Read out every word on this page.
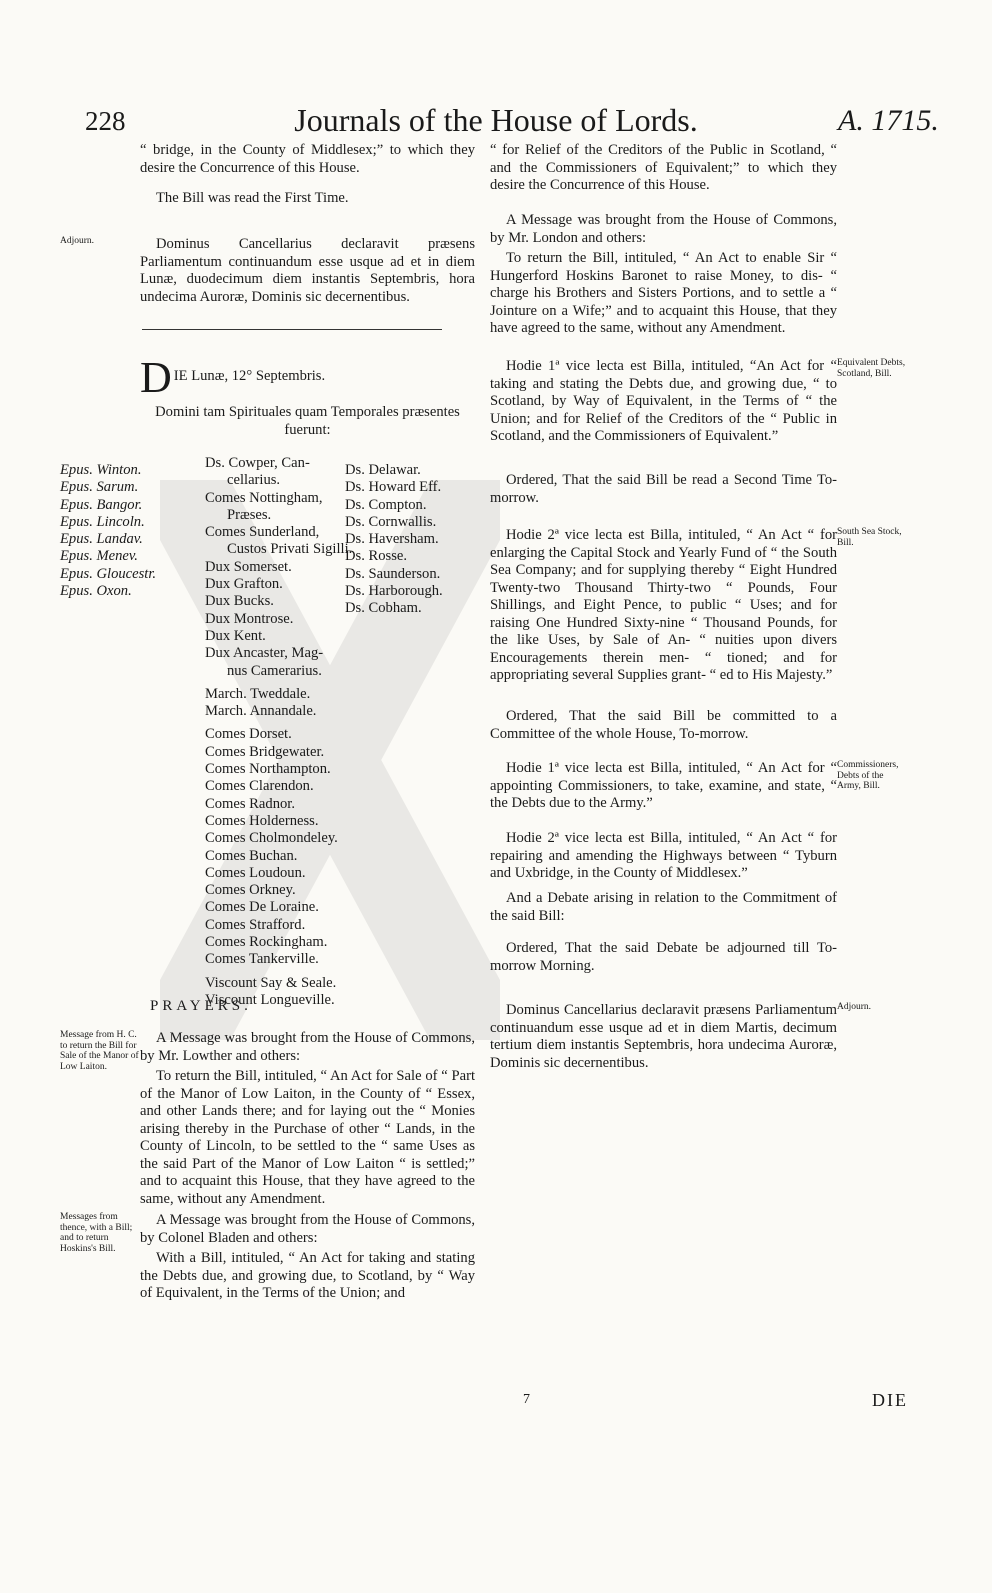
228	Journals of the House of Lords.	A. 1715.

“ bridge, in the County of Middlesex;” to which they desire the Concurrence of this House.

The Bill was read the First Time.
Adjourn.	Dominus Cancellarius declaravit præsens Parliamentum continuandum esse usque ad et in diem Lunæ, duodecimum diem instantis Septembris, hora undecima Auroræ, Dominis sic decernentibus.
D IE Lunæ, 12° Septembris.
Domini tam Spirituales quam Temporales præsentes
fuerunt:
Epus. Winton.
Epus. Sarum.
Epus. Bangor.
Epus. Lincoln.
Epus. Landav.
Epus. Menev.
Epus. Gloucestr.
Epus. Oxon.
Ds. Cowper, Can-
cellarius.
Comes Nottingham,
Præses.
Comes Sunderland,
Custos Privati Sigilli.
Dux Somerset.
Dux Grafton.
Dux Bucks.
Dux Montrose.
Dux Kent.
Dux Ancaster, Mag-
nus Camerarius.
March. Tweddale.
March. Annandale.
Comes Dorset.
Comes Bridgewater.
Comes Northampton.
Comes Clarendon.
Comes Radnor.
Comes Holderness.
Comes Cholmondeley.
Comes Buchan.
Comes Loudoun.
Comes Orkney.
Comes De Loraine.
Comes Strafford.
Comes Rockingham.
Comes Tankerville.
Viscount Say & Seale.
Viscount Longueville.
Ds. Delawar.
Ds. Howard Eff.
Ds. Compton.
Ds. Cornwallis.
Ds. Haversham.
Ds. Rosse.
Ds. Saunderson.
Ds. Harborough.
Ds. Cobham.
PRAYERS.
Message from H. C. to return the Bill for Sale of the Manor of Low Laiton.
A Message was brought from the House of Commons, by Mr. Lowther and others:
To return the Bill, intituled, “ An Act for Sale of “ Part of the Manor of Low Laiton, in the County of “ Essex, and other Lands there; and for laying out the “ Monies arising thereby in the Purchase of other “ Lands, in the County of Lincoln, to be settled to the “ same Uses as the said Part of the Manor of Low Laiton “ is settled;” and to acquaint this House, that they have agreed to the same, without any Amendment.
Messages from thence, with a Bill; and to return Hoskins's Bill.
A Message was brought from the House of Commons, by Colonel Bladen and others:
With a Bill, intituled, “ An Act for taking and stating the Debts due, and growing due, to Scotland, by “ Way of Equivalent, in the Terms of the Union; and
“ for Relief of the Creditors of the Public in Scotland, “ and the Commissioners of Equivalent;” to which they desire the Concurrence of this House.
A Message was brought from the House of Commons, by Mr. London and others:
To return the Bill, intituled, “ An Act to enable Sir “ Hungerford Hoskins Baronet to raise Money, to dis- “ charge his Brothers and Sisters Portions, and to settle a “ Jointure on a Wife;” and to acquaint this House, that they have agreed to the same, without any Amendment.
Equivalent Debts, Scotland, Bill.
Hodie 1ª vice lecta est Billa, intituled, “An Act for “ taking and stating the Debts due, and growing due, “ to Scotland, by Way of Equivalent, in the Terms of “ the Union; and for Relief of the Creditors of the “ Public in Scotland, and the Commissioners of Equivalent.”
Ordered, That the said Bill be read a Second Time To-morrow.
South Sea Stock, Bill.
Hodie 2ª vice lecta est Billa, intituled, “ An Act “ for enlarging the Capital Stock and Yearly Fund of “ the South Sea Company; and for supplying thereby “ Eight Hundred Twenty-two Thousand Thirty-two “ Pounds, Four Shillings, and Eight Pence, to public “ Uses; and for raising One Hundred Sixty-nine “ Thousand Pounds, for the like Uses, by Sale of An- “ nuities upon divers Encouragements therein men- “ tioned; and for appropriating several Supplies grant- “ ed to His Majesty.”
Ordered, That the said Bill be committed to a Committee of the whole House, To-morrow.
Commissioners, Debts of the Army, Bill.
Hodie 1ª vice lecta est Billa, intituled, “ An Act for “ appointing Commissioners, to take, examine, and state, “ the Debts due to the Army.”
Hodie 2ª vice lecta est Billa, intituled, “ An Act “ for repairing and amending the Highways between “ Tyburn and Uxbridge, in the County of Middlesex.”
And a Debate arising in relation to the Commitment of the said Bill:
Ordered, That the said Debate be adjourned till To-morrow Morning.
Adjourn.
Dominus Cancellarius declaravit præsens Parliamentum continuandum esse usque ad et in diem Martis, decimum tertium diem instantis Septembris, hora undecima Auroræ, Dominis sic decernentibus.
7	DIE
